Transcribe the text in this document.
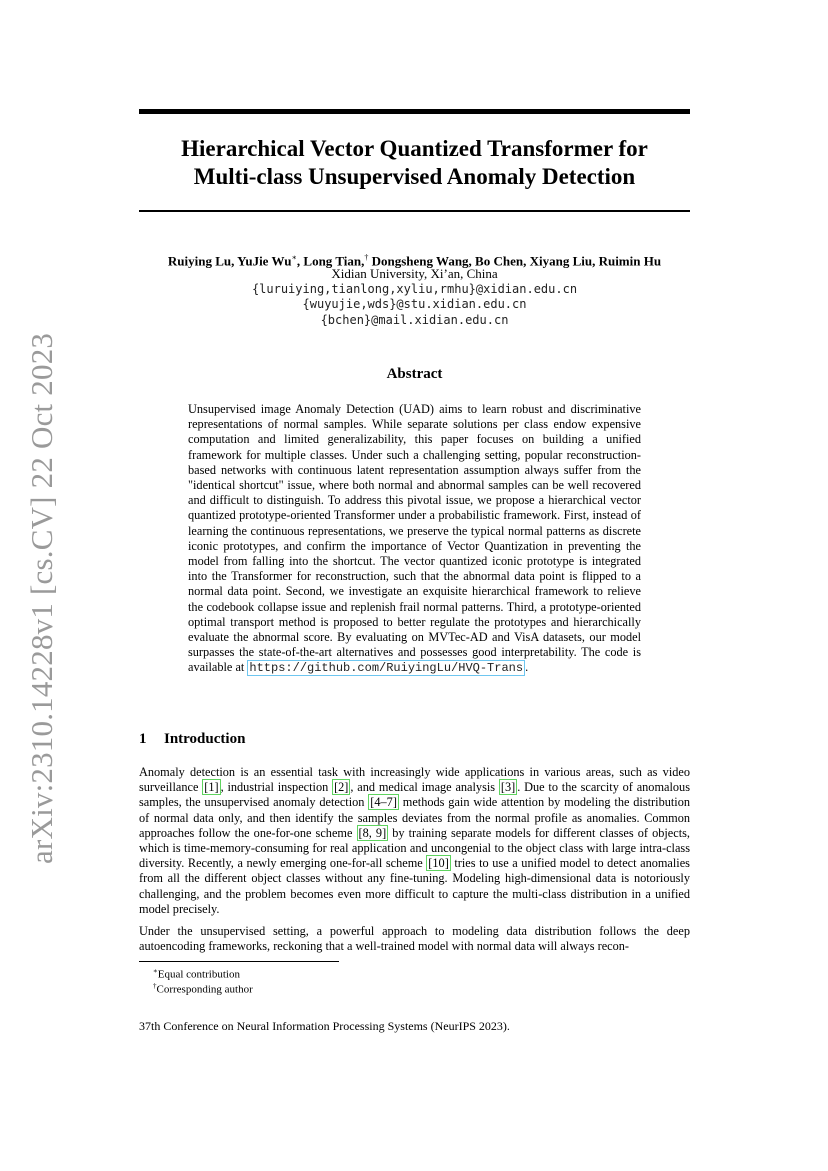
arXiv:2310.14228v1 [cs.CV] 22 Oct 2023
Hierarchical Vector Quantized Transformer for
Multi-class Unsupervised Anomaly Detection
Ruiying Lu, YuJie Wu∗, Long Tian,† Dongsheng Wang, Bo Chen, Xiyang Liu, Ruimin Hu
Xidian University, Xi’an, China
{luruiying,tianlong,xyliu,rmhu}@xidian.edu.cn
{wuyujie,wds}@stu.xidian.edu.cn
{bchen}@mail.xidian.edu.cn
Abstract
Unsupervised image Anomaly Detection (UAD) aims to learn robust and discriminative representations of normal samples. While separate solutions per class endow expensive computation and limited generalizability, this paper focuses on building a unified framework for multiple classes. Under such a challenging setting, popular reconstruction-based networks with continuous latent representation assumption always suffer from the "identical shortcut" issue, where both normal and abnormal samples can be well recovered and difficult to distinguish. To address this pivotal issue, we propose a hierarchical vector quantized prototype-oriented Transformer under a probabilistic framework. First, instead of learning the continuous representations, we preserve the typical normal patterns as discrete iconic prototypes, and confirm the importance of Vector Quantization in preventing the model from falling into the shortcut. The vector quantized iconic prototype is integrated into the Transformer for reconstruction, such that the abnormal data point is flipped to a normal data point. Second, we investigate an exquisite hierarchical framework to relieve the codebook collapse issue and replenish frail normal patterns. Third, a prototype-oriented optimal transport method is proposed to better regulate the prototypes and hierarchically evaluate the abnormal score. By evaluating on MVTec-AD and VisA datasets, our model surpasses the state-of-the-art alternatives and possesses good interpretability. The code is available at https://github.com/RuiyingLu/HVQ-Trans .
1 Introduction

Anomaly detection is an essential task with increasingly wide applications in various areas, such as video surveillance [1] , industrial inspection [2] , and medical image analysis [3] . Due to the scarcity of anomalous samples, the unsupervised anomaly detection [4–7] methods gain wide attention by modeling the distribution of normal data only, and then identify the samples deviates from the normal profile as anomalies. Common approaches follow the one-for-one scheme [8, 9] by training separate models for different classes of objects, which is time-memory-consuming for real application and uncongenial to the object class with large intra-class diversity. Recently, a newly emerging one-for-all scheme [10] tries to use a unified model to detect anomalies from all the different object classes without any fine-tuning. Modeling high-dimensional data is notoriously challenging, and the problem becomes even more difficult to capture the multi-class distribution in a unified model precisely.

Under the unsupervised setting, a powerful approach to modeling data distribution follows the deep autoencoding frameworks, reckoning that a well-trained model with normal data will always recon-

∗Equal contribution
†Corresponding author
37th Conference on Neural Information Processing Systems (NeurIPS 2023).
